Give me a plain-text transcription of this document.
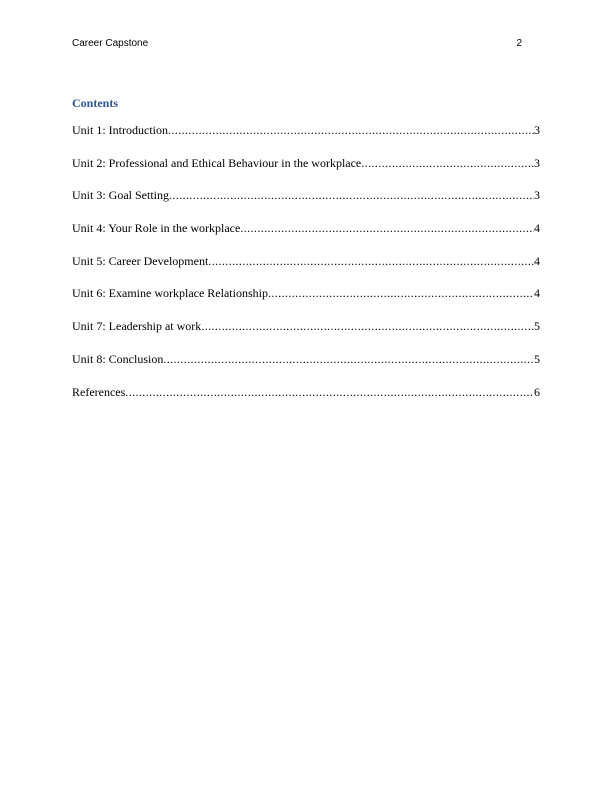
Career Capstone	2
Contents
Unit 1: Introduction .....	3
Unit 2: Professional and Ethical Behaviour in the workplace .....	3
Unit 3: Goal Setting .....	3
Unit 4: Your Role in the workplace .....	4
Unit 5: Career Development .....	4
Unit 6: Examine workplace Relationship .....	4
Unit 7: Leadership at work .....	5
Unit 8: Conclusion .....	5
References .....	6
